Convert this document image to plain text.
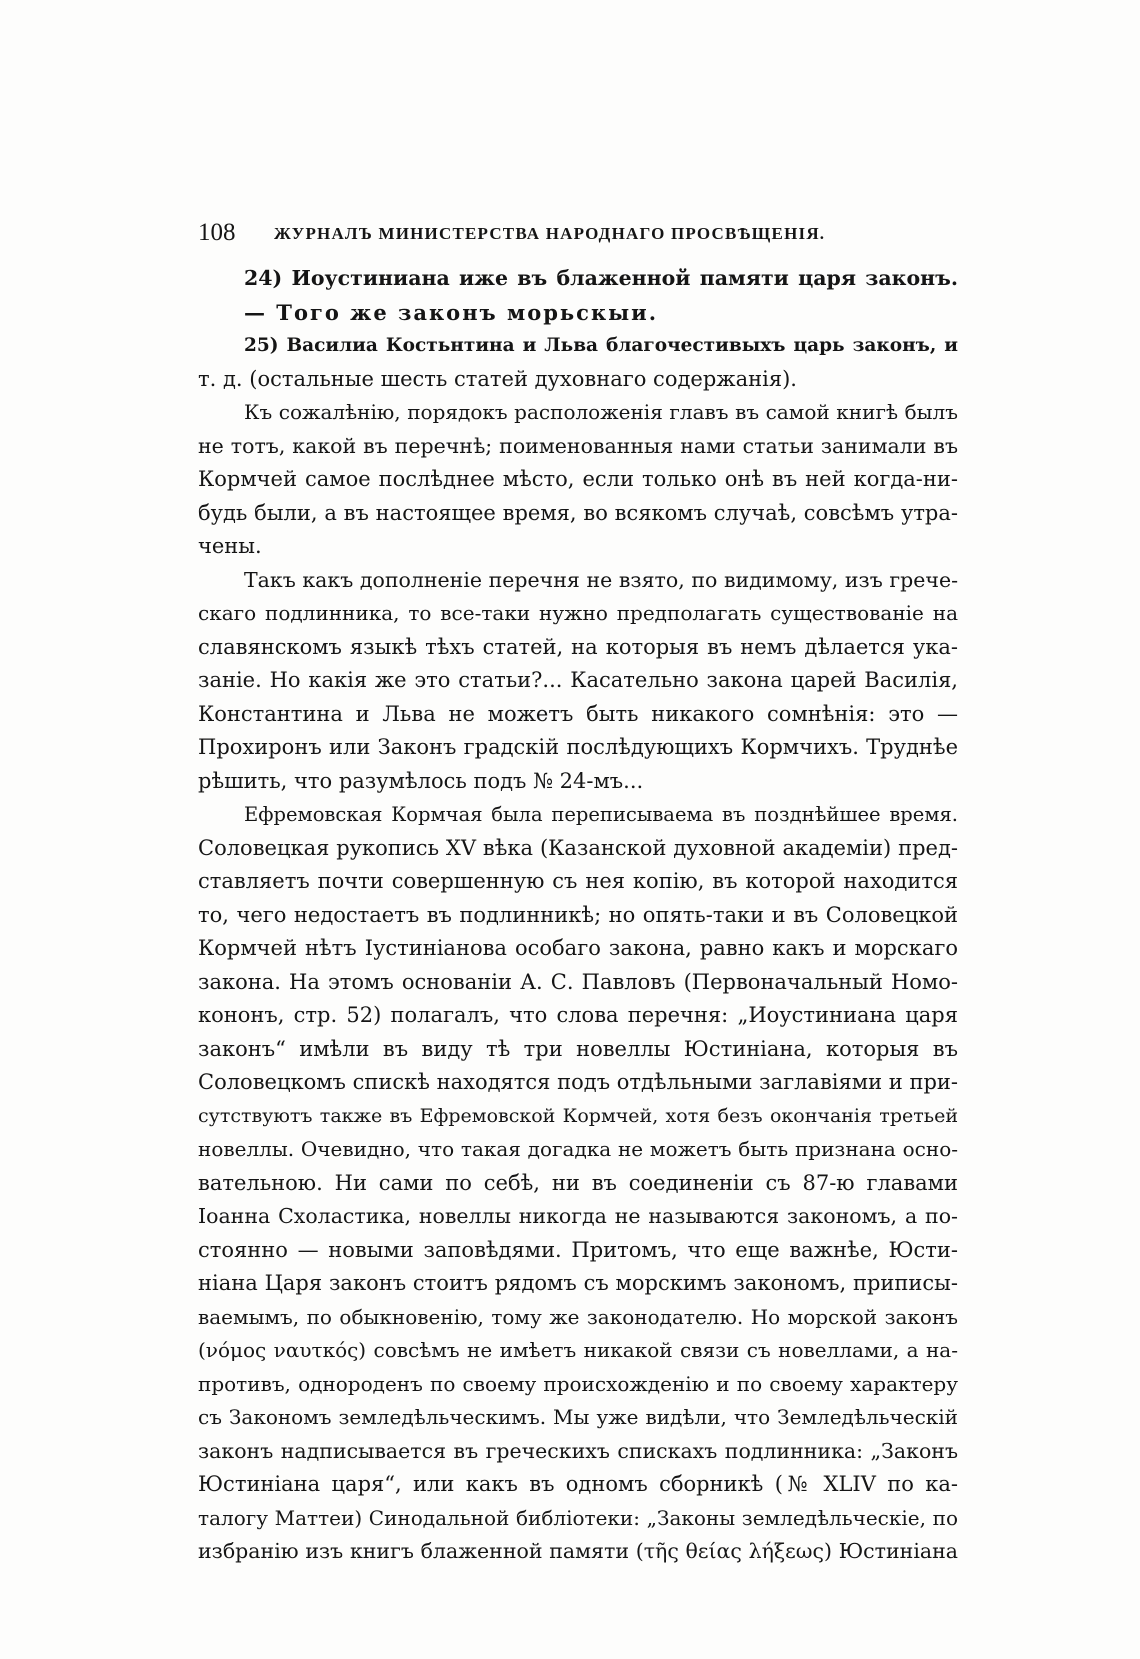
108 ЖУРНАЛЪ МИНИСТЕРСТВА НАРОДНАГО ПРОСВѢЩЕНІЯ.
24) Иоустиниана иже въ блаженной памяти царя законъ.
— Того же законъ морьскыи.
25) Василиа Костьнтина и Льва благочестивыхъ царь законъ, и
т. д. (остальные шесть статей духовнаго содержанія).
Къ сожалѣнію, порядокъ расположенія главъ въ самой книгѣ былъ
не тотъ, какой въ перечнѣ; поименованныя нами статьи занимали въ
Кормчей самое послѣднее мѣсто, если только онѣ въ ней когда-ни-
будь были, а въ настоящее время, во всякомъ случаѣ, совсѣмъ утра-
чены.
Такъ какъ дополненіе перечня не взято, по видимому, изъ грече-
скаго подлинника, то все-таки нужно предполагать существованіе на
славянскомъ языкѣ тѣхъ статей, на которыя въ немъ дѣлается ука-
заніе. Но какія же это статьи?... Касательно закона царей Василія,
Константина и Льва не можетъ быть никакого сомнѣнія: это —
Прохиронъ или Законъ градскій послѣдующихъ Кормчихъ. Труднѣе
рѣшить, что разумѣлось подъ № 24-мъ...
Ефремовская Кормчая была переписываема въ позднѣйшее время.
Соловецкая рукопись XV вѣка (Казанской духовной академіи) пред-
ставляетъ почти совершенную съ нея копію, въ которой находится
то, чего недостаетъ въ подлинникѣ; но опять-таки и въ Соловецкой
Кормчей нѣтъ Іустиніанова особаго закона, равно какъ и морскаго
закона. На этомъ основаніи А. С. Павловъ (Первоначальный Номо-
кононъ, стр. 52) полагалъ, что слова перечня: „Иоустиниана царя
законъ“ имѣли въ виду тѣ три новеллы Юстиніана, которыя въ
Соловецкомъ спискѣ находятся подъ отдѣльными заглавіями и при-
сутствуютъ также въ Ефремовской Кормчей, хотя безъ окончанія третьей
новеллы. Очевидно, что такая догадка не можетъ быть признана осно-
вательною. Ни сами по себѣ, ни въ соединеніи съ 87-ю главами
Іоанна Схоластика, новеллы никогда не называются закономъ, а по-
стоянно — новыми заповѣдями. Притомъ, что еще важнѣе, Юсти-
ніана Царя законъ стоитъ рядомъ съ морскимъ закономъ, приписы-
ваемымъ, по обыкновенію, тому же законодателю. Но морской законъ
(νόμος ναυτκός) совсѣмъ не имѣетъ никакой связи съ новеллами, а на-
противъ, однороденъ по своему происхожденію и по своему характеру
съ Закономъ земледѣльческимъ. Мы уже видѣли, что Земледѣльческій
законъ надписывается въ греческихъ спискахъ подлинника: „Законъ
Юстиніана царя“, или какъ въ одномъ сборникѣ (№ XLIV по ка-
талогу Маттеи) Синодальной библіотеки: „Законы земледѣльческіе, по
избранію изъ книгъ блаженной памяти (τῆς θείας λήξεως) Юстиніана
